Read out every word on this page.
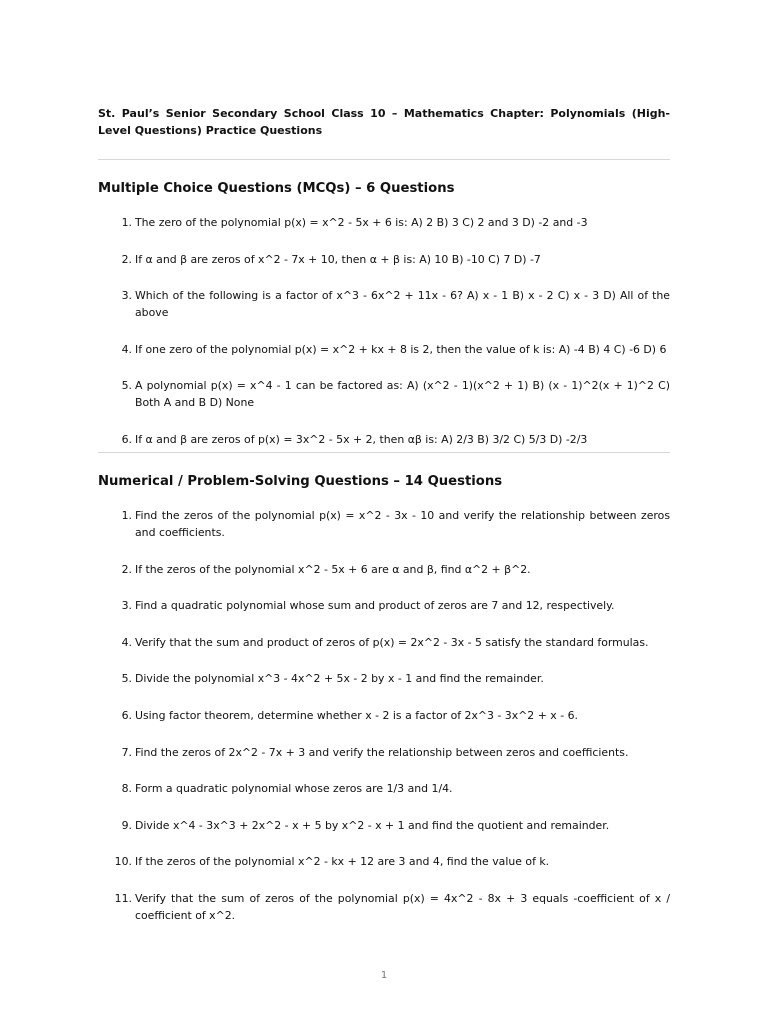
St. Paul’s Senior Secondary School Class 10 – Mathematics Chapter: Polynomials (High-Level Questions) Practice Questions

Multiple Choice Questions (MCQs) – 6 Questions
1. The zero of the polynomial p(x) = x^2 - 5x + 6 is: A) 2 B) 3 C) 2 and 3 D) -2 and -3
2. If α and β are zeros of x^2 - 7x + 10, then α + β is: A) 10 B) -10 C) 7 D) -7
3. Which of the following is a factor of x^3 - 6x^2 + 11x - 6? A) x - 1 B) x - 2 C) x - 3 D) All of the above
4. If one zero of the polynomial p(x) = x^2 + kx + 8 is 2, then the value of k is: A) -4 B) 4 C) -6 D) 6
5. A polynomial p(x) = x^4 - 1 can be factored as: A) (x^2 - 1)(x^2 + 1) B) (x - 1)^2(x + 1)^2 C) Both A and B D) None
6. If α and β are zeros of p(x) = 3x^2 - 5x + 2, then αβ is: A) 2/3 B) 3/2 C) 5/3 D) -2/3
Numerical / Problem-Solving Questions – 14 Questions
1. Find the zeros of the polynomial p(x) = x^2 - 3x - 10 and verify the relationship between zeros and coefficients.
2. If the zeros of the polynomial x^2 - 5x + 6 are α and β, find α^2 + β^2.
3. Find a quadratic polynomial whose sum and product of zeros are 7 and 12, respectively.
4. Verify that the sum and product of zeros of p(x) = 2x^2 - 3x - 5 satisfy the standard formulas.
5. Divide the polynomial x^3 - 4x^2 + 5x - 2 by x - 1 and find the remainder.
6. Using factor theorem, determine whether x - 2 is a factor of 2x^3 - 3x^2 + x - 6.
7. Find the zeros of 2x^2 - 7x + 3 and verify the relationship between zeros and coefficients.
8. Form a quadratic polynomial whose zeros are 1/3 and 1/4.
9. Divide x^4 - 3x^3 + 2x^2 - x + 5 by x^2 - x + 1 and find the quotient and remainder.
10. If the zeros of the polynomial x^2 - kx + 12 are 3 and 4, find the value of k.
11. Verify that the sum of zeros of the polynomial p(x) = 4x^2 - 8x + 3 equals -coefficient of x / coefficient of x^2.
1
